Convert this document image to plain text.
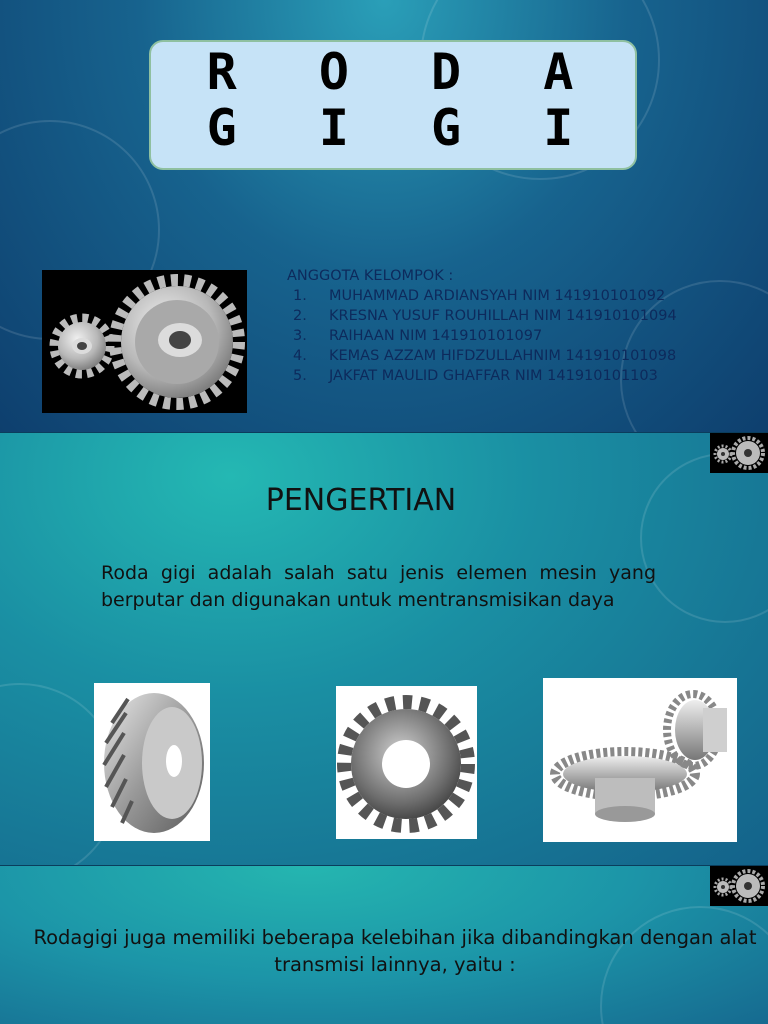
R O D A G I G I
ANGGOTA KELOMPOK :
1.	MUHAMMAD ARDIANSYAH NIM 141910101092
2.	KRESNA YUSUF ROUHILLAH NIM 141910101094
3.	RAIHAAN NIM 141910101097
4.	KEMAS AZZAM HIFDZULLAHNIM 141910101098
5.	JAKFAT MAULID GHAFFAR NIM 141910101103
PENGERTIAN
Roda gigi adalah salah satu jenis elemen mesin yang berputar dan digunakan untuk mentransmisikan daya
Rodagigi juga memiliki beberapa kelebihan jika dibandingkan dengan alat transmisi lainnya, yaitu :
